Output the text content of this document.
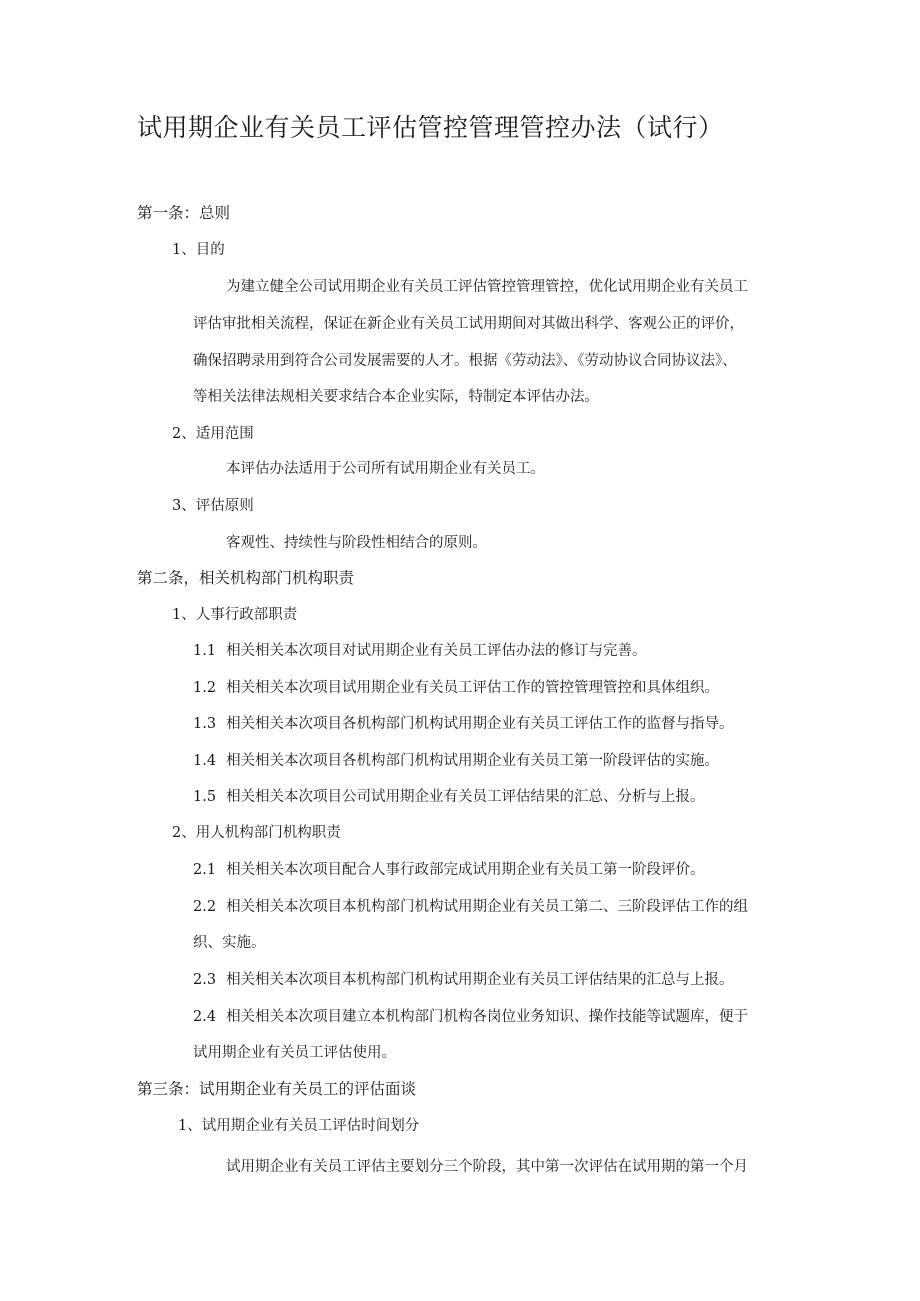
试用期企业有关员工评估管控管理管控办法（试行）
第一条：总则
1、目的
为建立健全公司试用期企业有关员工评估管控管理管控，优化试用期企业有关员工
评估审批相关流程，保证在新企业有关员工试用期间对其做出科学、客观公正的评价，
确保招聘录用到符合公司发展需要的人才。根据《劳动法》、《劳动协议合同协议法》、
等相关法律法规相关要求结合本企业实际，特制定本评估办法。
2、适用范围
本评估办法适用于公司所有试用期企业有关员工。
3、评估原则
客观性、持续性与阶段性相结合的原则。
第二条，相关机构部门机构职责
1、人事行政部职责
1.1 相关相关本次项目对试用期企业有关员工评估办法的修订与完善。
1.2 相关相关本次项目试用期企业有关员工评估工作的管控管理管控和具体组织。
1.3 相关相关本次项目各机构部门机构试用期企业有关员工评估工作的监督与指导。
1.4 相关相关本次项目各机构部门机构试用期企业有关员工第一阶段评估的实施。
1.5 相关相关本次项目公司试用期企业有关员工评估结果的汇总、分析与上报。
2、用人机构部门机构职责
2.1 相关相关本次项目配合人事行政部完成试用期企业有关员工第一阶段评价。
2.2 相关相关本次项目本机构部门机构试用期企业有关员工第二、三阶段评估工作的组
织、实施。
2.3 相关相关本次项目本机构部门机构试用期企业有关员工评估结果的汇总与上报。
2.4 相关相关本次项目建立本机构部门机构各岗位业务知识、操作技能等试题库，便于
试用期企业有关员工评估使用。
第三条：试用期企业有关员工的评估面谈
1、试用期企业有关员工评估时间划分
试用期企业有关员工评估主要划分三个阶段，其中第一次评估在试用期的第一个月
